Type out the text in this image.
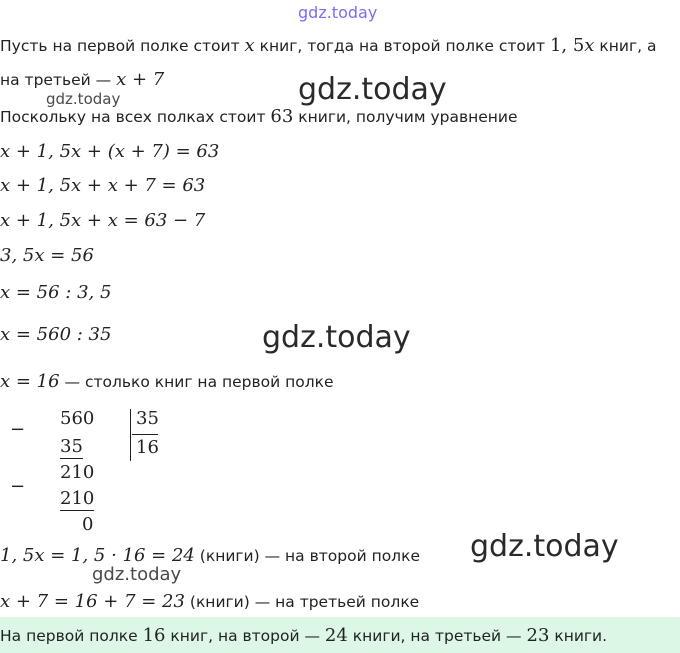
gdz.today
Пусть на первой полке стоит x книг, тогда на второй полке стоит 1, 5x книг, а
на третьей — x + 7	gdz.today
gdz.today
Поскольку на всех полках стоит 63 книги, получим уравнение
x + 1, 5x + (x + 7) = 63
x + 1, 5x + x + 7 = 63
x + 1, 5x + x = 63 − 7
3, 5x = 56
x = 56 : 3, 5
x = 560 : 35	gdz.today
x = 16 — столько книг на первой полке
−
560
35
35
16
−
210
210
0
gdz.today
1, 5x = 1, 5 · 16 = 24 (книги) — на второй полке
gdz.today
x + 7 = 16 + 7 = 23 (книги) — на третьей полке
На первой полке 16 книг, на второй — 24 книги, на третьей — 23 книги.
